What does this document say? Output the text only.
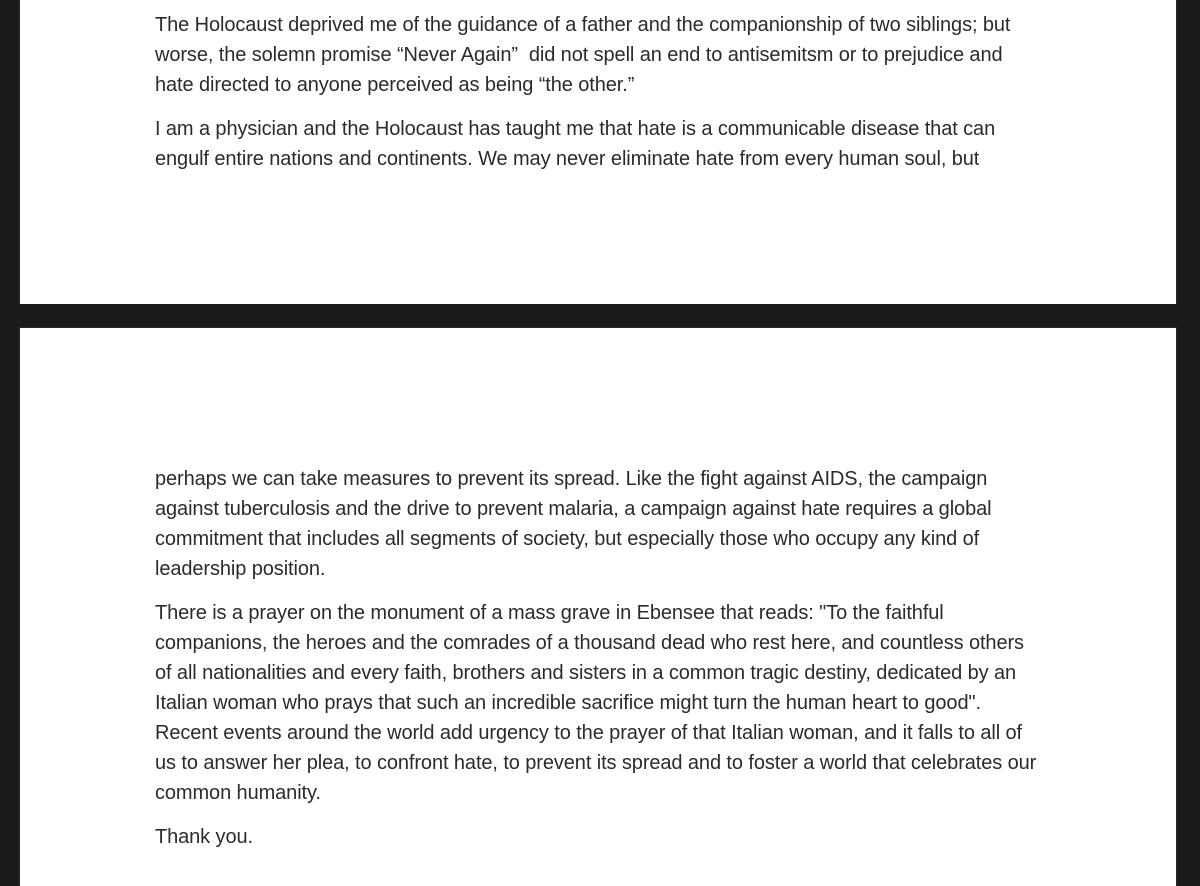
The Holocaust deprived me of the guidance of a father and the companionship of two siblings; but worse, the solemn promise “Never Again”  did not spell an end to antisemitsm or to prejudice and hate directed to anyone perceived as being “the other.”

I am a physician and the Holocaust has taught me that hate is a communicable disease that can engulf entire nations and continents. We may never eliminate hate from every human soul, but

perhaps we can take measures to prevent its spread. Like the fight against AIDS, the campaign against tuberculosis and the drive to prevent malaria, a campaign against hate requires a global commitment that includes all segments of society, but especially those who occupy any kind of leadership position.

There is a prayer on the monument of a mass grave in Ebensee that reads: "To the faithful companions, the heroes and the comrades of a thousand dead who rest here, and countless others of all nationalities and every faith, brothers and sisters in a common tragic destiny, dedicated by an Italian woman who prays that such an incredible sacrifice might turn the human heart to good".  Recent events around the world add urgency to the prayer of that Italian woman, and it falls to all of us to answer her plea, to confront hate, to prevent its spread and to foster a world that celebrates our common humanity.

Thank you.
